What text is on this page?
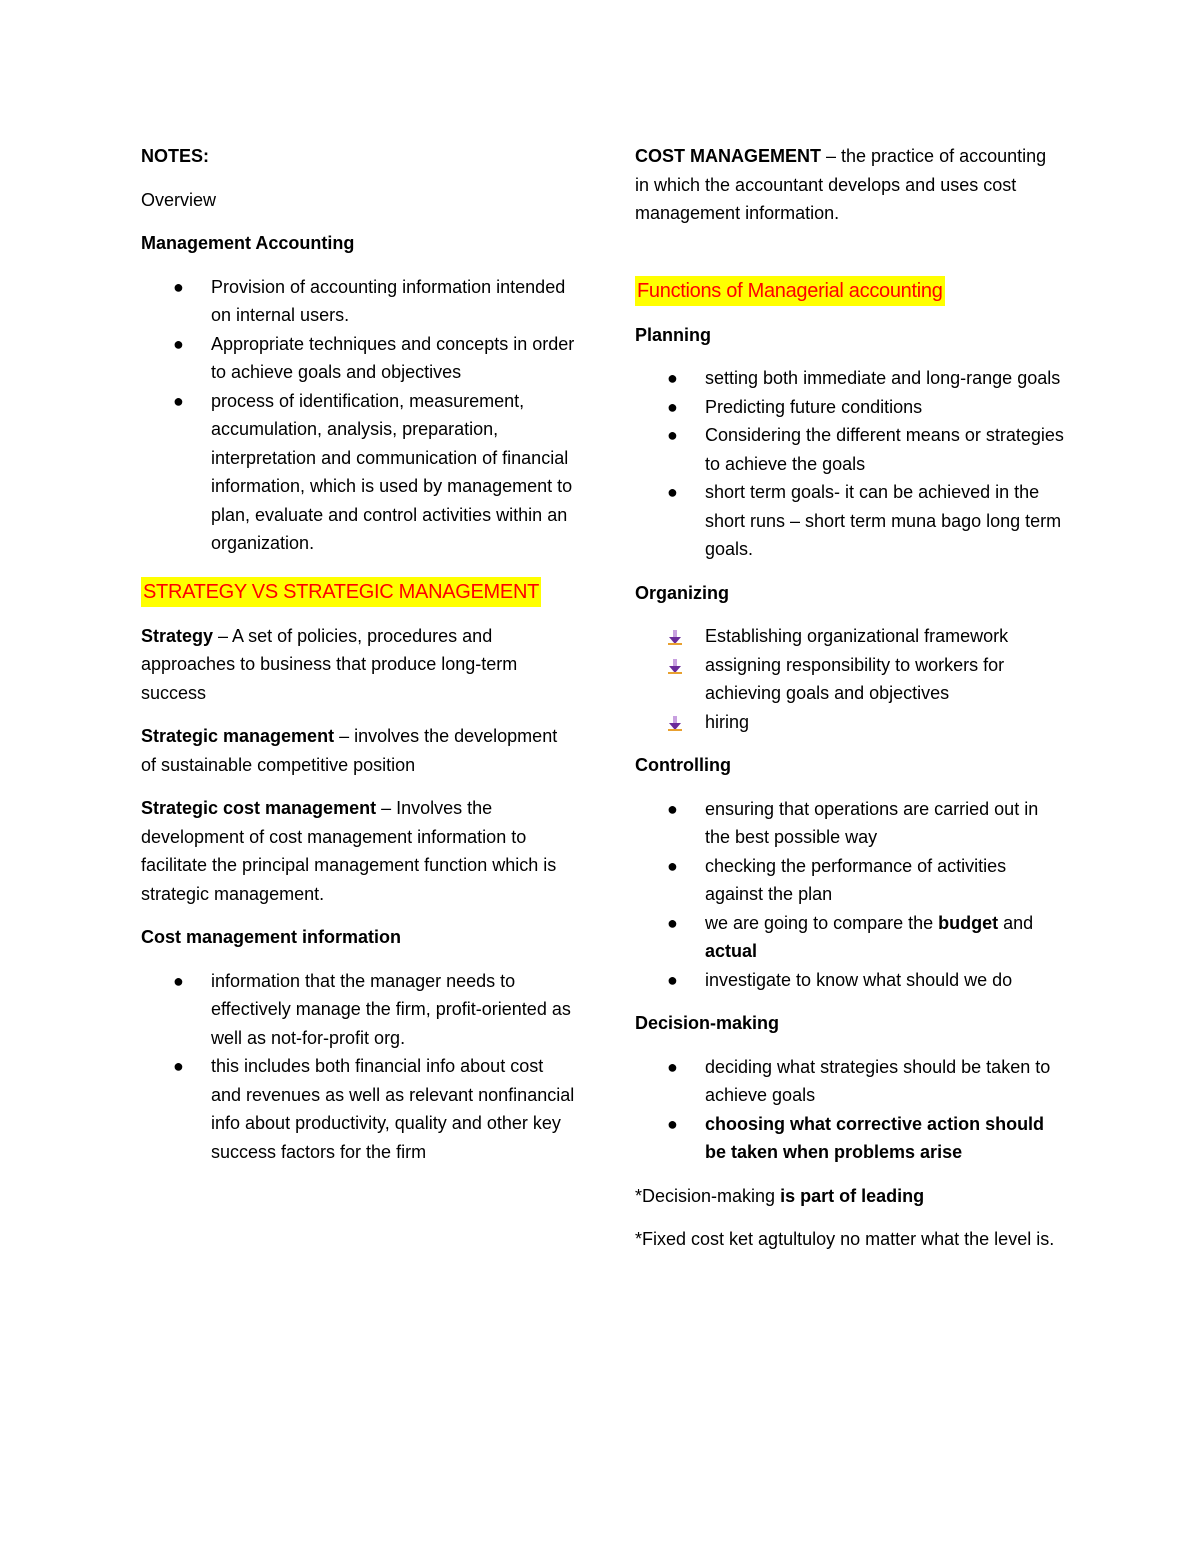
NOTES:

Overview

Management Accounting

● Provision of accounting information intended on internal users.
● Appropriate techniques and concepts in order to achieve goals and objectives
● process of identification, measurement, accumulation, analysis, preparation, interpretation and communication of financial information, which is used by management to plan, evaluate and control activities within an organization.

STRATEGY VS STRATEGIC MANAGEMENT

Strategy – A set of policies, procedures and approaches to business that produce long-term success

Strategic management – involves the development of sustainable competitive position

Strategic cost management – Involves the development of cost management information to facilitate the principal management function which is strategic management.

Cost management information

● information that the manager needs to effectively manage the firm, profit-oriented as well as not-for-profit org.
● this includes both financial info about cost and revenues as well as relevant nonfinancial info about productivity, quality and other key success factors for the firm

COST MANAGEMENT – the practice of accounting in which the accountant develops and uses cost management information.

Functions of Managerial accounting

Planning

● setting both immediate and long-range goals
● Predicting future conditions
● Considering the different means or strategies to achieve the goals
● short term goals- it can be achieved in the short runs – short term muna bago long term goals.

Organizing

Establishing organizational framework
assigning responsibility to workers for achieving goals and objectives
hiring

Controlling

● ensuring that operations are carried out in the best possible way
● checking the performance of activities against the plan
● we are going to compare the budget and actual
● investigate to know what should we do

Decision-making

● deciding what strategies should be taken to achieve goals
● choosing what corrective action should be taken when problems arise

*Decision-making is part of leading

*Fixed cost ket agtultuloy no matter what the level is.
